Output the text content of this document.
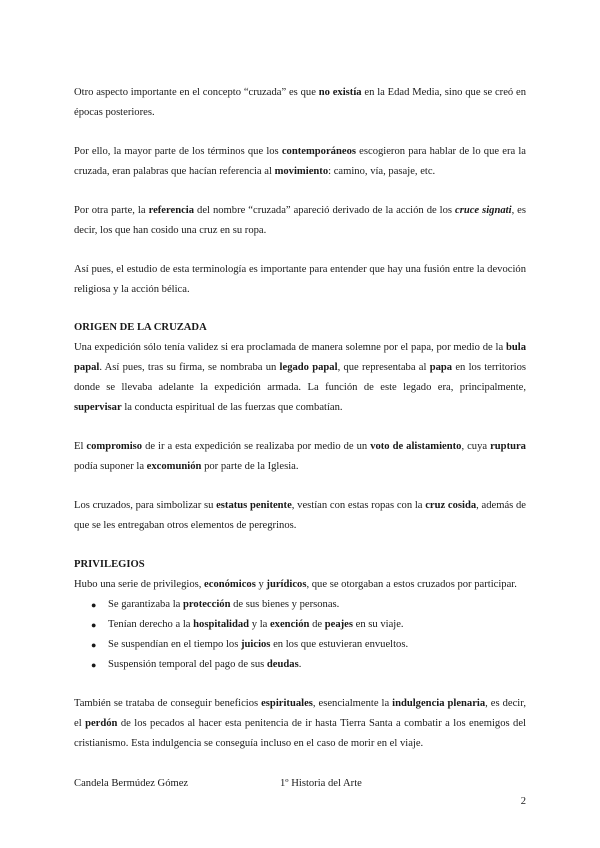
Otro aspecto importante en el concepto “cruzada” es que no existía en la Edad Media, sino que se creó en épocas posteriores.

Por ello, la mayor parte de los términos que los contemporáneos escogieron para hablar de lo que era la cruzada, eran palabras que hacían referencia al movimiento: camino, vía, pasaje, etc.

Por otra parte, la referencia del nombre “cruzada” apareció derivado de la acción de los cruce signati, es decir, los que han cosido una cruz en su ropa.

Así pues, el estudio de esta terminología es importante para entender que hay una fusión entre la devoción religiosa y la acción bélica.

ORIGEN DE LA CRUZADA

Una expedición sólo tenía validez si era proclamada de manera solemne por el papa, por medio de la bula papal. Así pues, tras su firma, se nombraba un legado papal, que representaba al papa en los territorios donde se llevaba adelante la expedición armada. La función de este legado era, principalmente, supervisar la conducta espiritual de las fuerzas que combatían.

El compromiso de ir a esta expedición se realizaba por medio de un voto de alistamiento, cuya ruptura podía suponer la excomunión por parte de la Iglesia.

Los cruzados, para simbolizar su estatus penitente, vestían con estas ropas con la cruz cosida, además de que se les entregaban otros elementos de peregrinos.

PRIVILEGIOS

Hubo una serie de privilegios, económicos y jurídicos, que se otorgaban a estos cruzados por participar.

● Se garantizaba la protección de sus bienes y personas.
● Tenían derecho a la hospitalidad y la exención de peajes en su viaje.
● Se suspendían en el tiempo los juicios en los que estuvieran envueltos.
● Suspensión temporal del pago de sus deudas.

También se trataba de conseguir beneficios espirituales, esencialmente la indulgencia plenaria, es decir, el perdón de los pecados al hacer esta penitencia de ir hasta Tierra Santa a combatir a los enemigos del cristianismo. Esta indulgencia se conseguía incluso en el caso de morir en el viaje.

Candela Bermúdez Gómez	1º Historia del Arte
2
